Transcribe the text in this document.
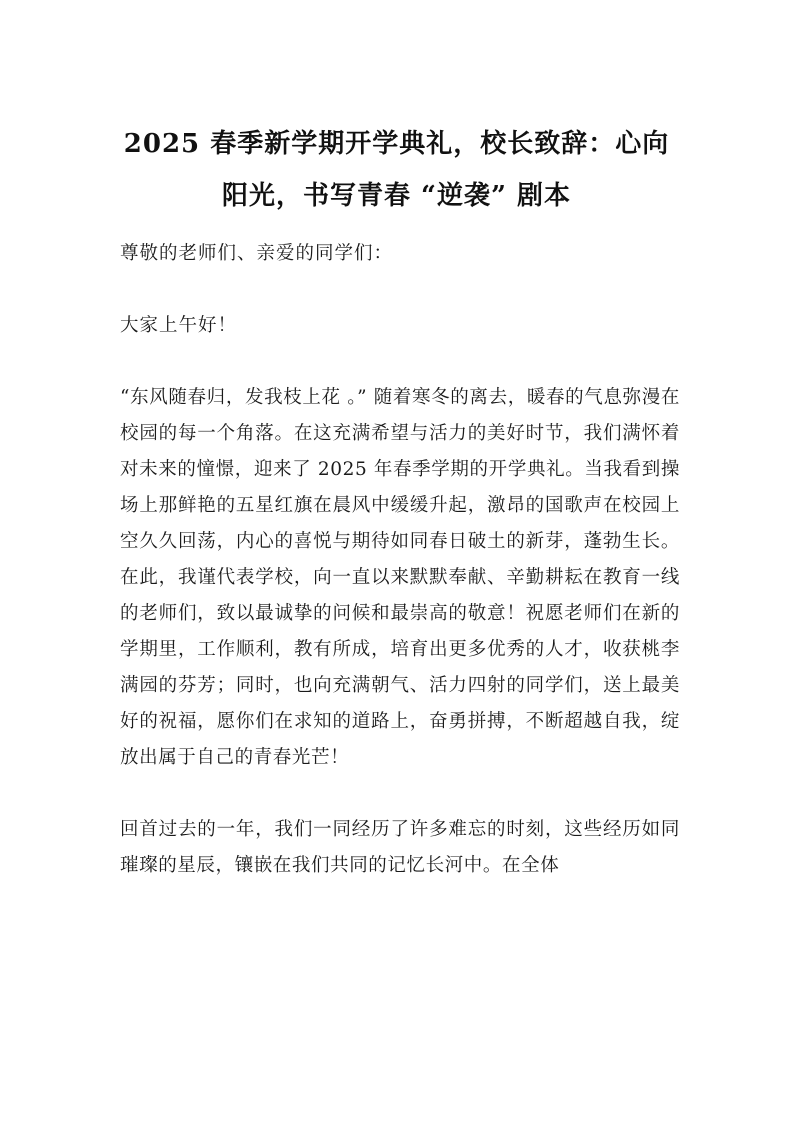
2025 春季新学期开学典礼，校长致辞：心向
阳光，书写青春 “逆袭” 剧本

尊敬的老师们、亲爱的同学们：

大家上午好！

“东风随春归，发我枝上花 。” 随着寒冬的离去，暖春的气息弥漫在校园的每一个角落。在这充满希望与活力的美好时节，我们满怀着对未来的憧憬，迎来了 2025 年春季学期的开学典礼。当我看到操场上那鲜艳的五星红旗在晨风中缓缓升起，激昂的国歌声在校园上空久久回荡，内心的喜悦与期待如同春日破土的新芽，蓬勃生长。在此，我谨代表学校，向一直以来默默奉献、辛勤耕耘在教育一线的老师们，致以最诚挚的问候和最崇高的敬意！祝愿老师们在新的学期里，工作顺利，教有所成，培育出更多优秀的人才，收获桃李满园的芬芳；同时，也向充满朝气、活力四射的同学们，送上最美好的祝福，愿你们在求知的道路上，奋勇拼搏，不断超越自我，绽放出属于自己的青春光芒！

回首过去的一年，我们一同经历了许多难忘的时刻，这些经历如同璀璨的星辰，镶嵌在我们共同的记忆长河中。在全体
